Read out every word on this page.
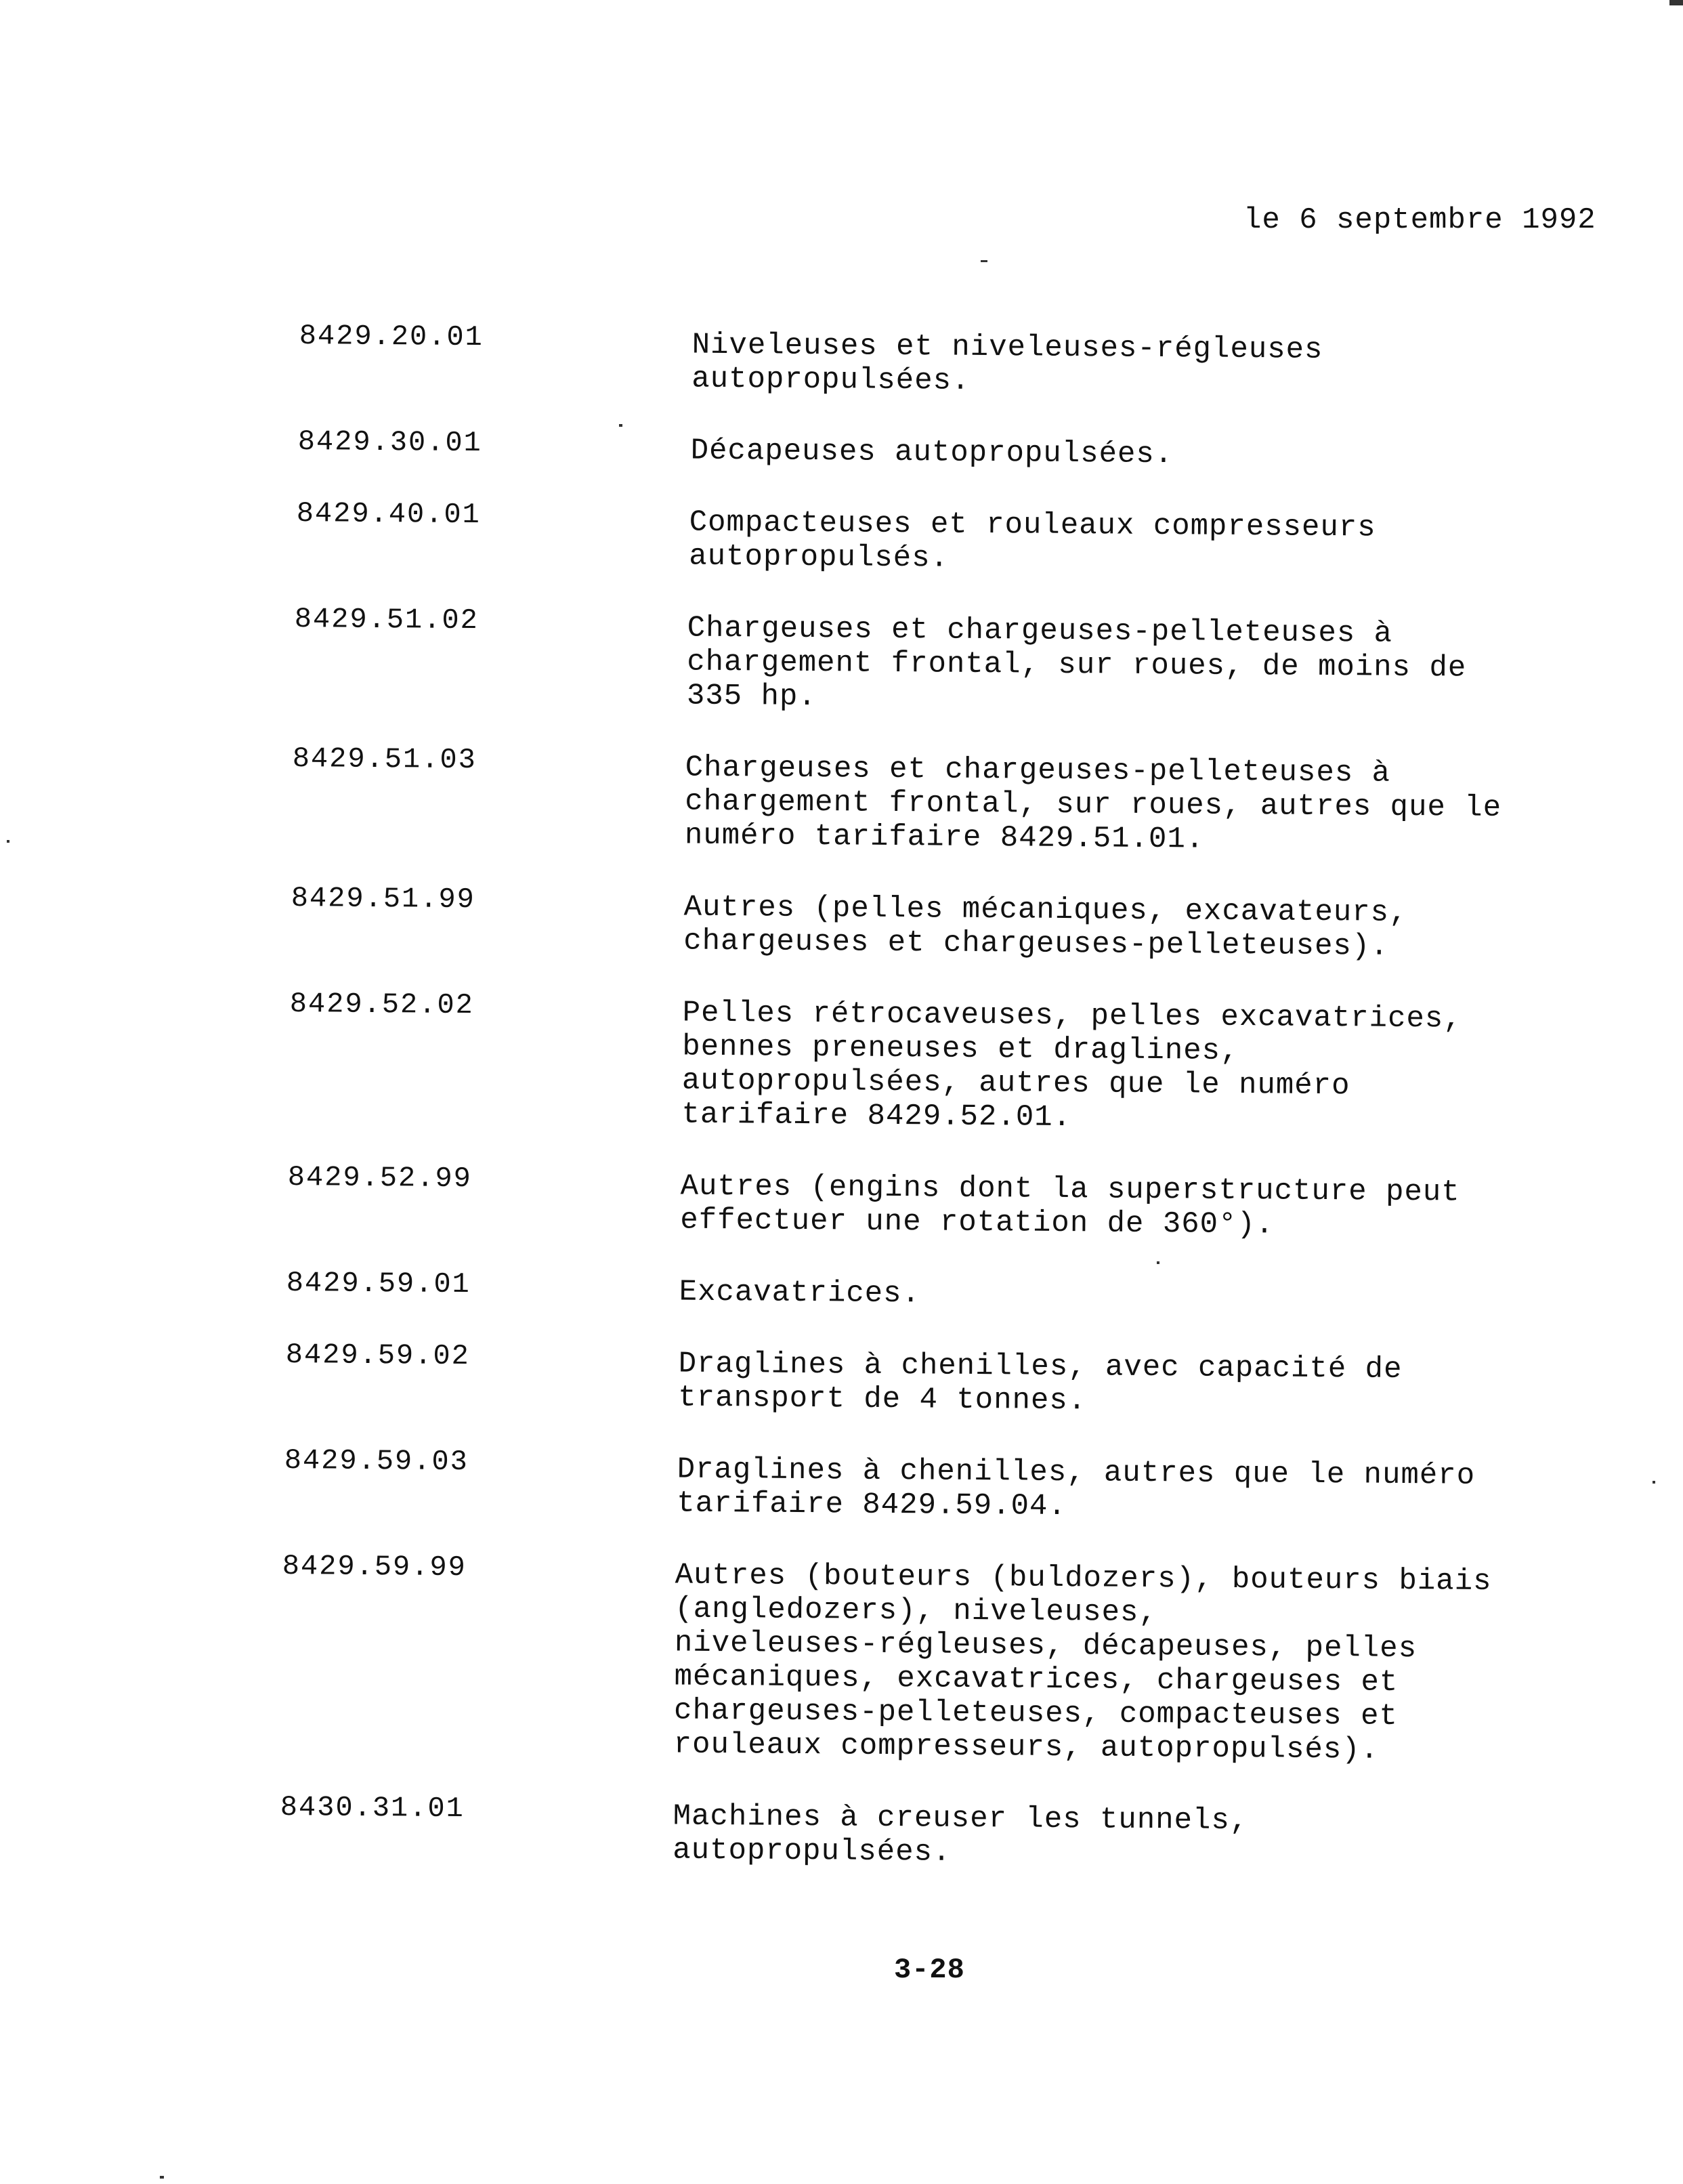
le 6 septembre 1992
8429.20.01	Niveleuses et niveleuses-régleuses
autopropulsées.
8429.30.01	Décapeuses autopropulsées.
8429.40.01	Compacteuses et rouleaux compresseurs
autopropulsés.
8429.51.02	Chargeuses et chargeuses-pelleteuses à
chargement frontal, sur roues, de moins de
335 hp.
8429.51.03	Chargeuses et chargeuses-pelleteuses à
chargement frontal, sur roues, autres que le
numéro tarifaire 8429.51.01.
8429.51.99	Autres (pelles mécaniques, excavateurs,
chargeuses et chargeuses-pelleteuses).
8429.52.02	Pelles rétrocaveuses, pelles excavatrices,
bennes preneuses et draglines,
autopropulsées, autres que le numéro
tarifaire 8429.52.01.
8429.52.99	Autres (engins dont la superstructure peut
effectuer une rotation de 360°).
8429.59.01	Excavatrices.
8429.59.02	Draglines à chenilles, avec capacité de
transport de 4 tonnes.
8429.59.03	Draglines à chenilles, autres que le numéro
tarifaire 8429.59.04.
8429.59.99	Autres (bouteurs (buldozers), bouteurs biais
(angledozers), niveleuses,
niveleuses-régleuses, décapeuses, pelles
mécaniques, excavatrices, chargeuses et
chargeuses-pelleteuses, compacteuses et
rouleaux compresseurs, autopropulsés).
8430.31.01	Machines à creuser les tunnels,
autopropulsées.
3-28
